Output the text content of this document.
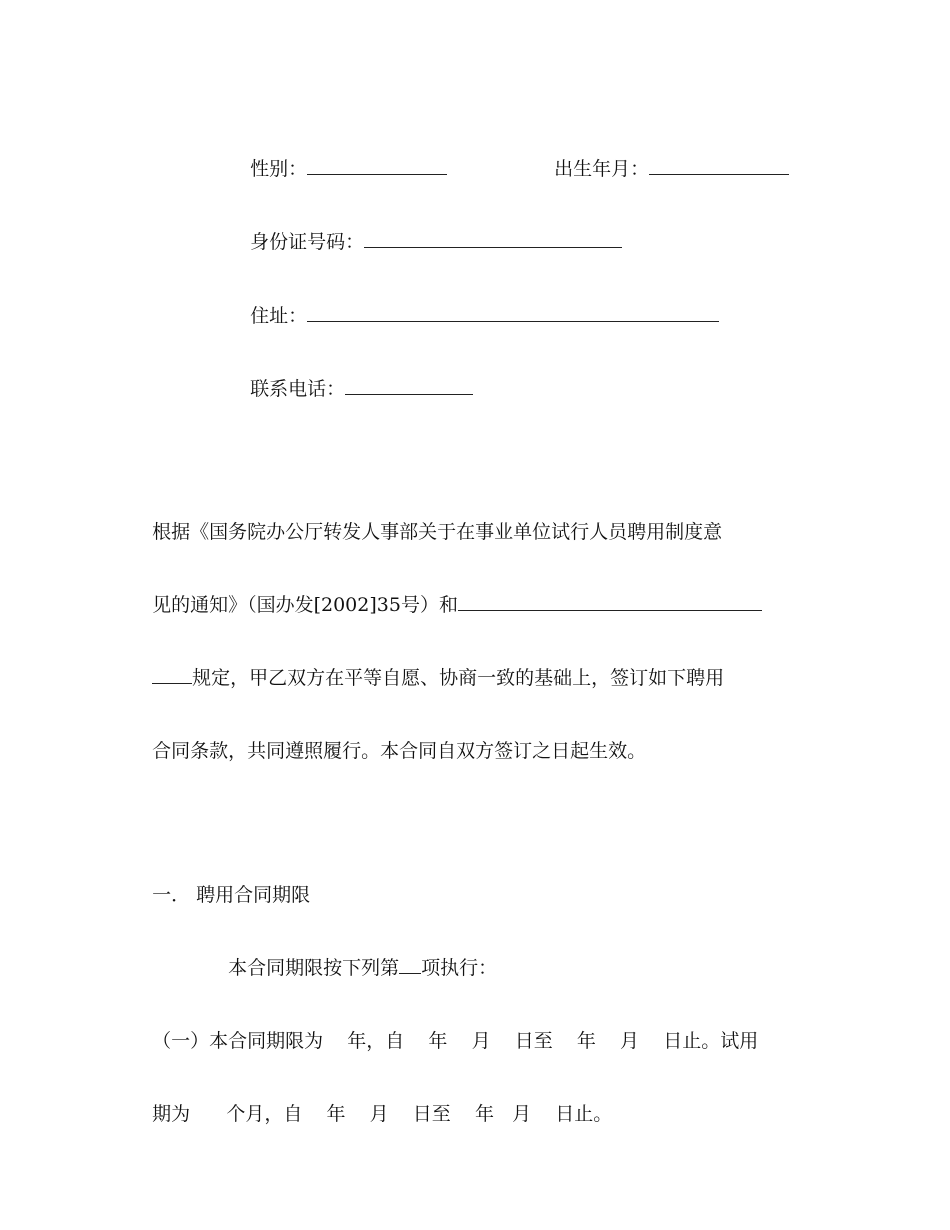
性别：	出生年月：

身份证号码：

住址：

联系电话：

根据《国务院办公厅转发人事部关于在事业单位试行人员聘用制度意

见的通知》（国办发[2002]35号）和

规定，甲乙双方在平等自愿、协商一致的基础上，签订如下聘用

合同条款，共同遵照履行。本合同自双方签订之日起生效。

一． 聘用合同期限

本合同期限按下列第 项执行：

（一）本合同期限为    年，自    年    月    日至    年    月    日止。试用

期为      个月，自    年    月    日至    年   月    日止。
